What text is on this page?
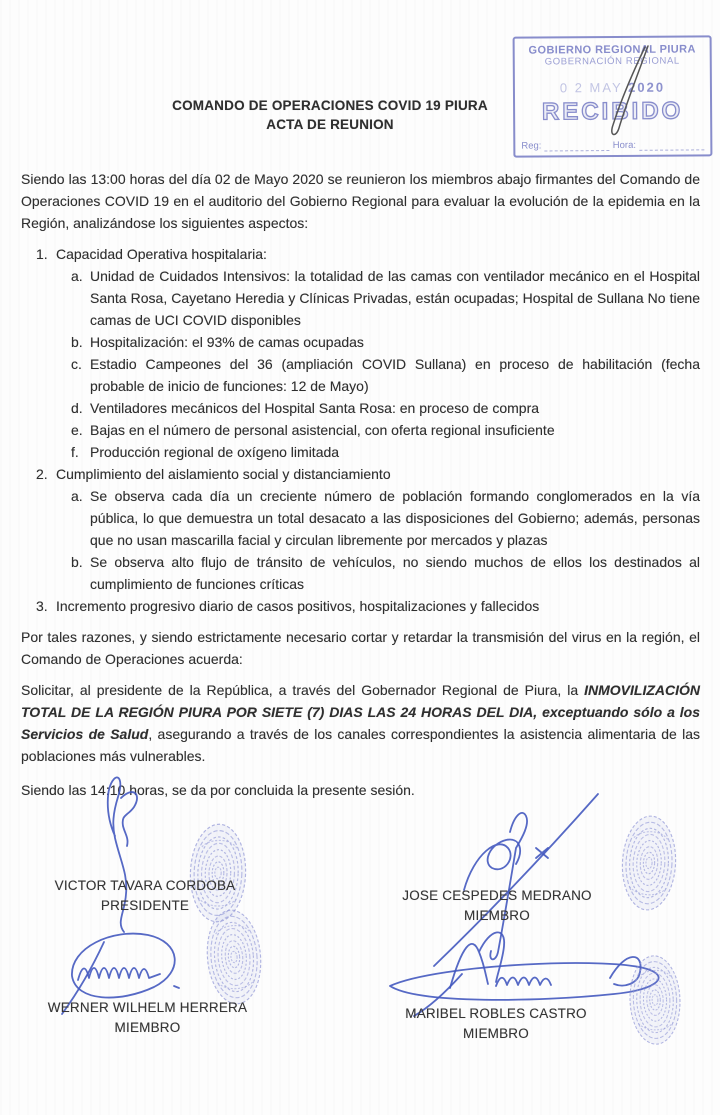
GOBIERNO REGIONAL PIURA
GOBERNACIÓN REGIONAL
0 2 MAY 2020
RECIBIDO
Reg:	Hora:
COMANDO DE OPERACIONES COVID 19 PIURA
ACTA DE REUNION

Siendo las 13:00 horas del día 02 de Mayo 2020 se reunieron los miembros abajo firmantes del Comando de Operaciones COVID 19 en el auditorio del Gobierno Regional para evaluar la evolución de la epidemia en la Región, analizándose los siguientes aspectos:

1. Capacidad Operativa hospitalaria:
a. Unidad de Cuidados Intensivos: la totalidad de las camas con ventilador mecánico en el Hospital Santa Rosa, Cayetano Heredia y Clínicas Privadas, están ocupadas; Hospital de Sullana No tiene camas de UCI COVID disponibles
b. Hospitalización: el 93% de camas ocupadas
c. Estadio Campeones del 36 (ampliación COVID Sullana) en proceso de habilitación (fecha probable de inicio de funciones: 12 de Mayo)
d. Ventiladores mecánicos del Hospital Santa Rosa: en proceso de compra
e. Bajas en el número de personal asistencial, con oferta regional insuficiente
f. Producción regional de oxígeno limitada
2. Cumplimiento del aislamiento social y distanciamiento
a. Se observa cada día un creciente número de población formando conglomerados en la vía pública, lo que demuestra un total desacato a las disposiciones del Gobierno; además, personas que no usan mascarilla facial y circulan libremente por mercados y plazas
b. Se observa alto flujo de tránsito de vehículos, no siendo muchos de ellos los destinados al cumplimiento de funciones críticas
3. Incremento progresivo diario de casos positivos, hospitalizaciones y fallecidos

Por tales razones, y siendo estrictamente necesario cortar y retardar la transmisión del virus en la región, el Comando de Operaciones acuerda:

Solicitar, al presidente de la República, a través del Gobernador Regional de Piura, la INMOVILIZACIÓN TOTAL DE LA REGIÓN PIURA POR SIETE (7) DIAS LAS 24 HORAS DEL DIA, exceptuando sólo a los Servicios de Salud, asegurando a través de los canales correspondientes la asistencia alimentaria de las poblaciones más vulnerables.

Siendo las 14:10 horas, se da por concluida la presente sesión.

VICTOR TAVARA CORDOBA
PRESIDENTE
JOSE CESPEDES MEDRANO
MIEMBRO
WERNER WILHELM HERRERA
MIEMBRO
MARIBEL ROBLES CASTRO
MIEMBRO
